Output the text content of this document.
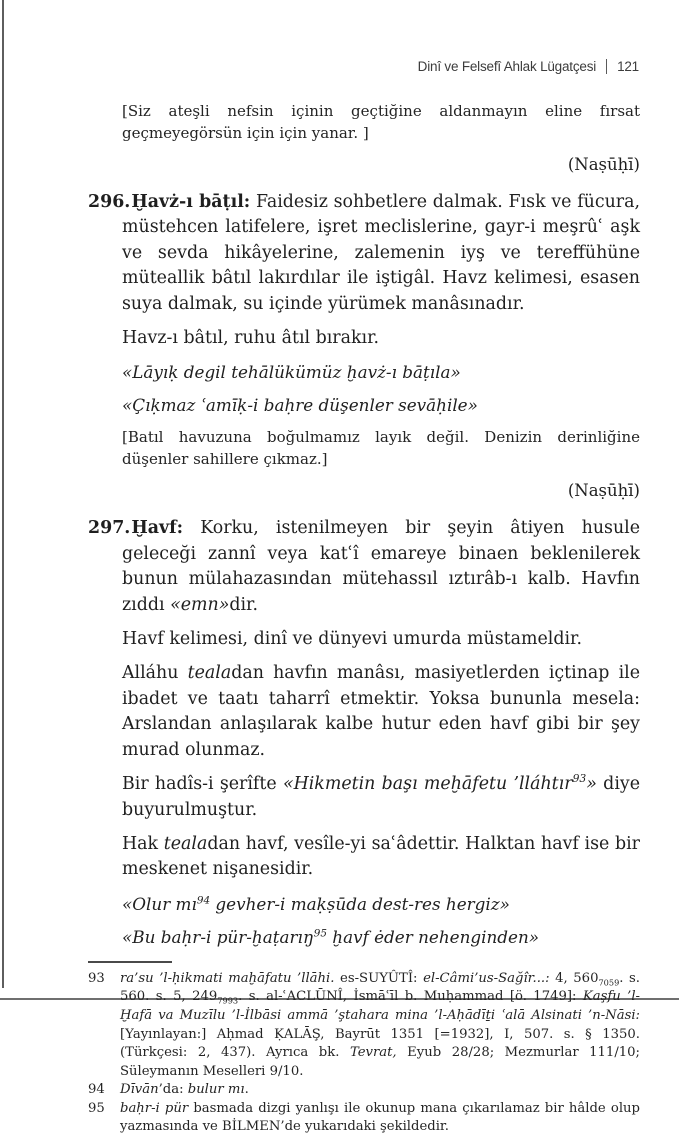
Dinî ve Felsefî Ahlak Lügatçesi 121

[Siz ateşli nefsin içinin geçtiğine aldanmayın eline fırsat geçmeyegörsün için için yanar. ]

(Naṣūḥī)

296.Ḫavż-ı bāṭıl: Faidesiz sohbetlere dalmak. Fısk ve fücura, müstehcen latifelere, işret meclislerine, gayr-i meşrûʿ aşk ve sevda hikâyelerine, zalemenin iyş ve tereffühüne müteallik bâtıl lakırdılar ile iştigâl. Havz kelimesi, esasen suya dalmak, su içinde yürümek manâsınadır.

Havz-ı bâtıl, ruhu âtıl bırakır.

«Lāyıḳ degil tehālükümüz ḫavż-ı bāṭıla»

«Çıḳmaz ʿamīḳ-i baḥre düşenler sevāḥile»

[Batıl havuzuna boğulmamız layık değil. Denizin derinliğine düşenler sahillere çıkmaz.]

(Naṣūḥī)

297.Ḫavf: Korku, istenilmeyen bir şeyin âtiyen husule geleceği zannî veya katʿî emareye binaen beklenilerek bunun mülahazasından mütehassıl ıztırâb-ı kalb. Havfın zıddı «emn»dir.

Havf kelimesi, dinî ve dünyevi umurda müstameldir.

Alláhu tealadan havfın manâsı, masiyetlerden içtinap ile ibadet ve taatı taharrî etmektir. Yoksa bununla mesela: Arslandan anlaşılarak kalbe hutur eden havf gibi bir şey murad olunmaz.

Bir hadîs-i şerîfte «Hikmetin başı meḫāfetu ’lláhtır$^{93}$» diye buyurulmuştur.

Hak tealadan havf, vesîle-yi saʿâdettir. Halktan havf ise bir meskenet nişanesidir.

«Olur $mı^{94}$ gevher-i maḳṣūda dest-res hergiz»

«Bu baḥr-i pür-ḫaṭarıŋ$^{95}$ ḫavf ėder nehenginden»

93	ra’su ’l-ḥikmati maḫāfatu ’llāhi. es-SUYÛTÎ: el-Câmi’us-Sağîr...: 4, $560_{7059}$. s. 560. s. 5, $249_{7993}$. s. al-ʿACLŪNÎ, İsmāʿīl b. Muḥammad [ö. 1749]: Kaşfu ’l-Ḫafā va Muzīlu ’l-İlbāsi ammā ’ştahara mina ’l-Aḥādīṯi ʿalā Alsinati ’n-Nāsi: [Yayınlayan:] Aḥmad ḲALĀŞ, Bayrūt 1351 [=1932], I, 507. s. § 1350. (Türkçesi: 2, 437). Ayrıca bk. Tevrat, Eyub 28/28; Mezmurlar 111/10; Süleymanın Meselleri 9/10.
94	Dīvān’da: bulur mı.
95	baḥr-i pür basmada dizgi yanlışı ile okunup mana çıkarılamaz bir hâlde olup yazmasında ve BİLMEN’de yukarıdaki şekildedir.
